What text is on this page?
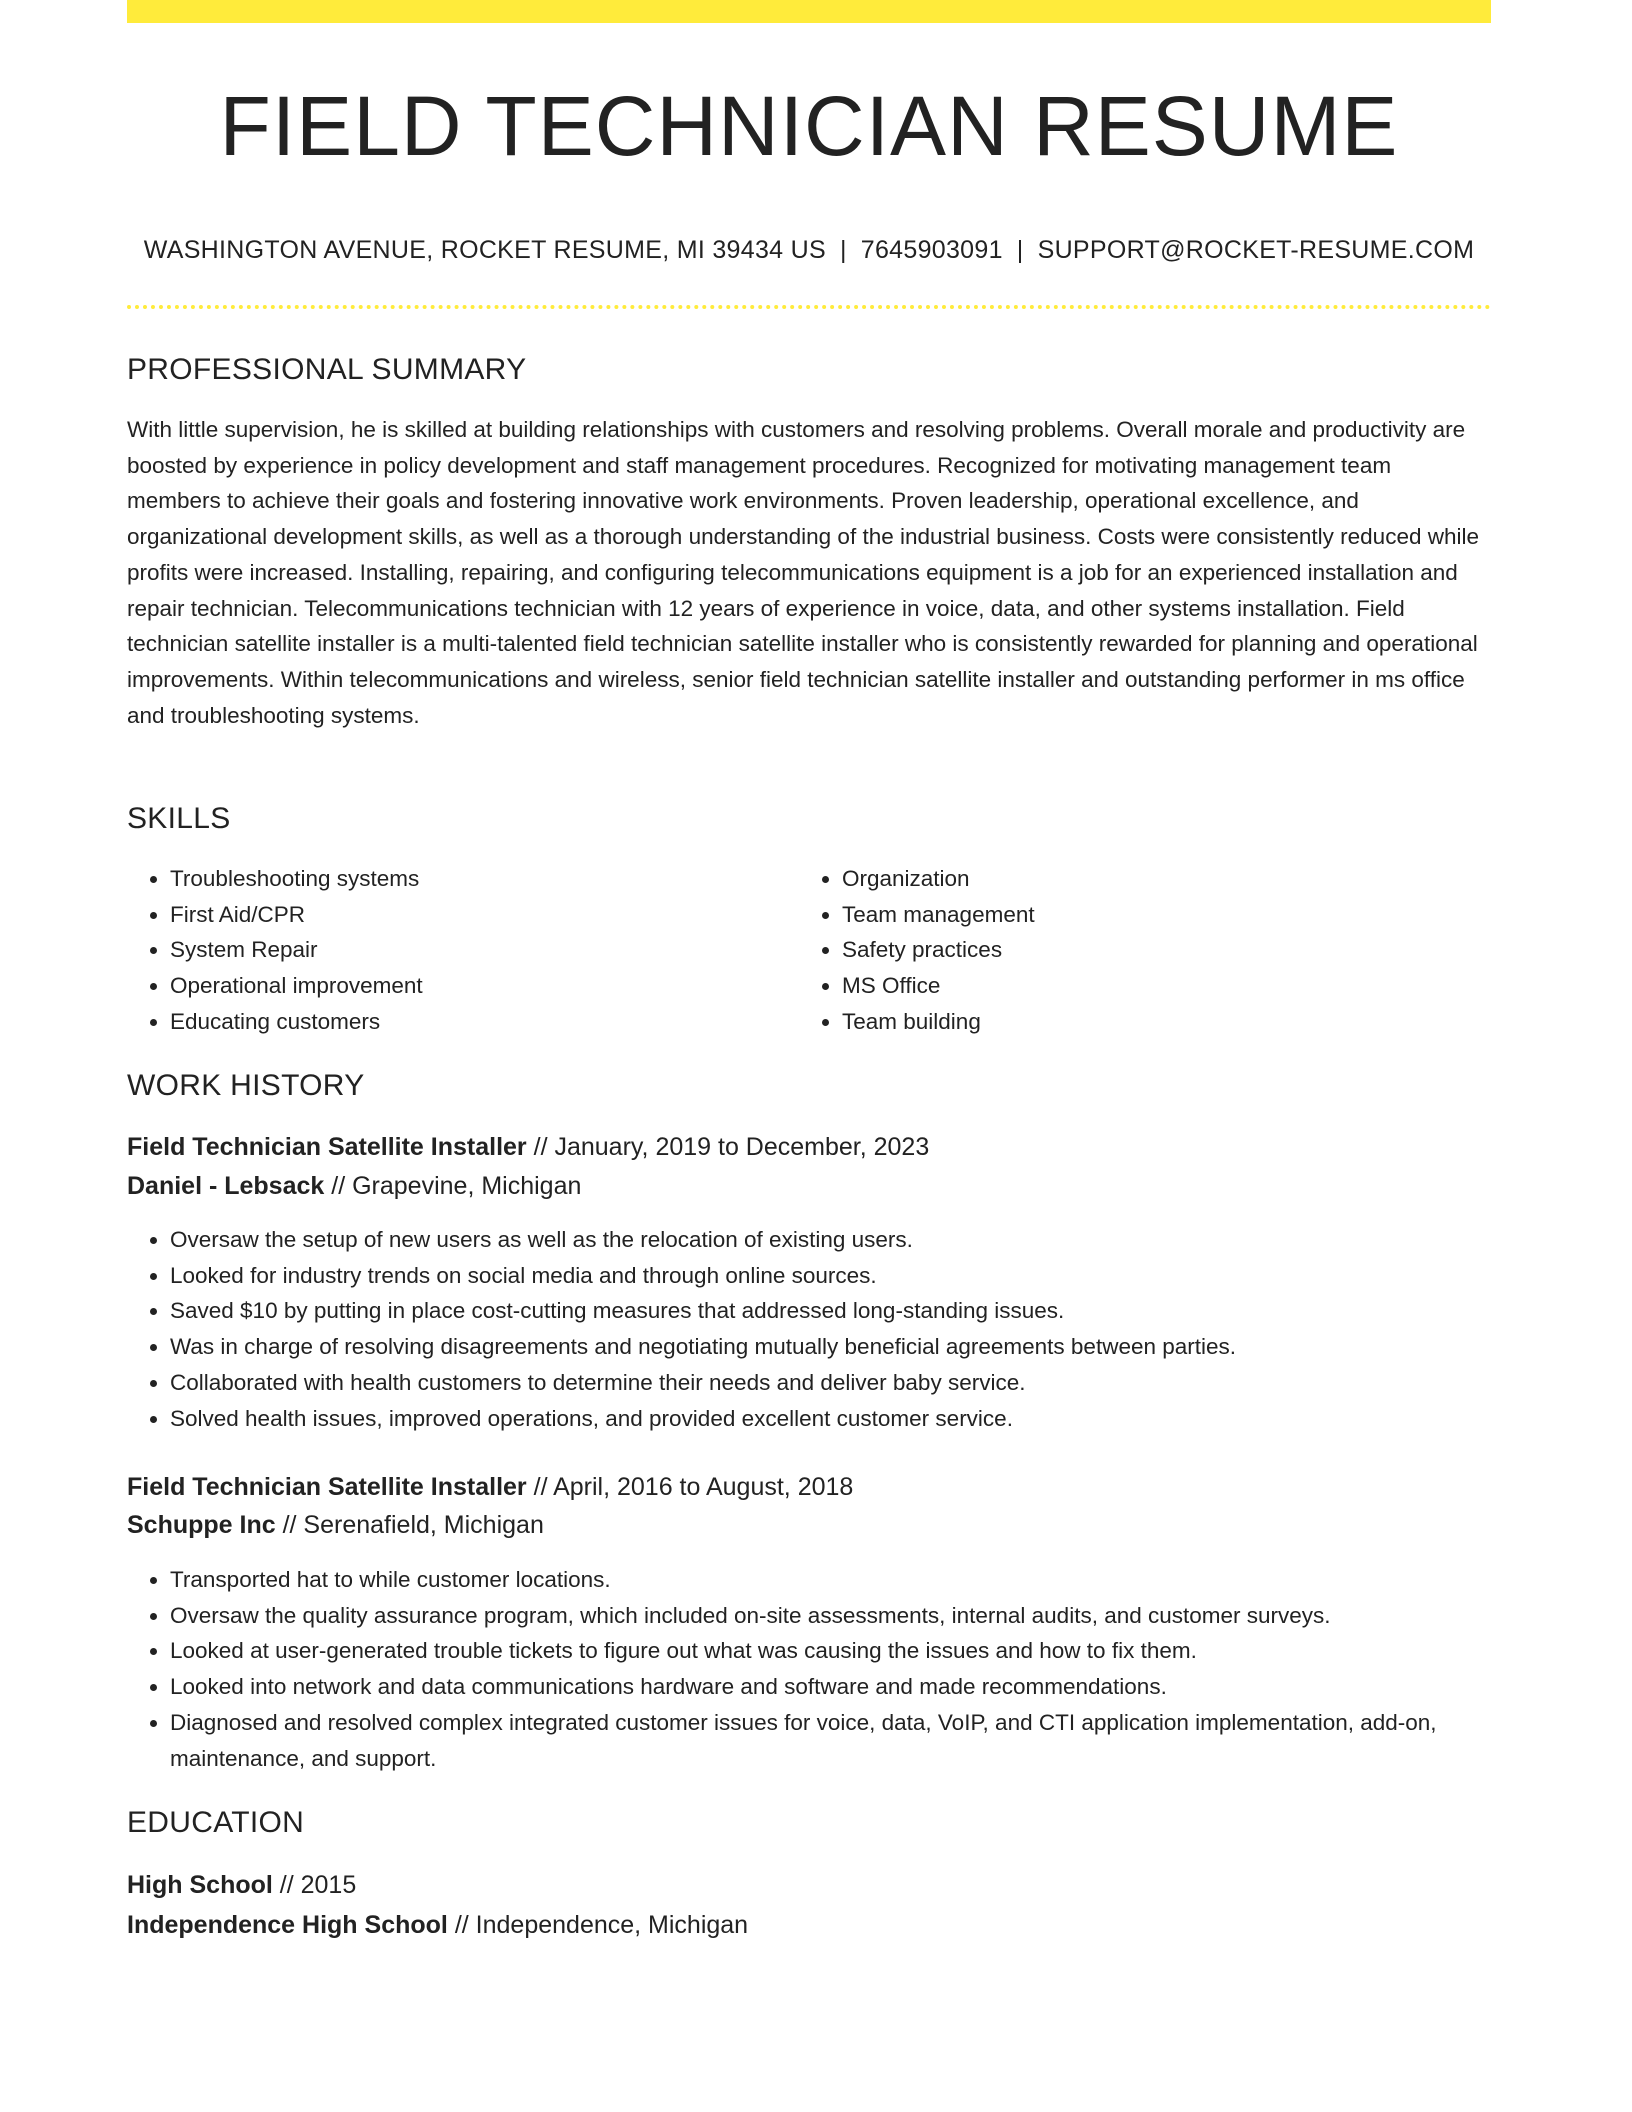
FIELD TECHNICIAN RESUME
WASHINGTON AVENUE, ROCKET RESUME, MI 39434 US | 7645903091 | SUPPORT@ROCKET-RESUME.COM
PROFESSIONAL SUMMARY

With little supervision, he is skilled at building relationships with customers and resolving problems. Overall morale and productivity are boosted by experience in policy development and staff management procedures. Recognized for motivating management team members to achieve their goals and fostering innovative work environments. Proven leadership, operational excellence, and organizational development skills, as well as a thorough understanding of the industrial business. Costs were consistently reduced while profits were increased. Installing, repairing, and configuring telecommunications equipment is a job for an experienced installation and repair technician. Telecommunications technician with 12 years of experience in voice, data, and other systems installation. Field technician satellite installer is a multi-talented field technician satellite installer who is consistently rewarded for planning and operational improvements. Within telecommunications and wireless, senior field technician satellite installer and outstanding performer in ms office and troubleshooting systems.

SKILLS
• Troubleshooting systems
• First Aid/CPR
• System Repair
• Operational improvement
• Educating customers
• Organization
• Team management
• Safety practices
• MS Office
• Team building
WORK HISTORY
Field Technician Satellite Installer // January, 2019 to December, 2023
Daniel - Lebsack // Grapevine, Michigan
• Oversaw the setup of new users as well as the relocation of existing users.
• Looked for industry trends on social media and through online sources.
• Saved $10 by putting in place cost-cutting measures that addressed long-standing issues.
• Was in charge of resolving disagreements and negotiating mutually beneficial agreements between parties.
• Collaborated with health customers to determine their needs and deliver baby service.
• Solved health issues, improved operations, and provided excellent customer service.
Field Technician Satellite Installer // April, 2016 to August, 2018
Schuppe Inc // Serenafield, Michigan
• Transported hat to while customer locations.
• Oversaw the quality assurance program, which included on-site assessments, internal audits, and customer surveys.
• Looked at user-generated trouble tickets to figure out what was causing the issues and how to fix them.
• Looked into network and data communications hardware and software and made recommendations.
• Diagnosed and resolved complex integrated customer issues for voice, data, VoIP, and CTI application implementation, add-on, maintenance, and support.
EDUCATION
High School // 2015
Independence High School // Independence, Michigan
